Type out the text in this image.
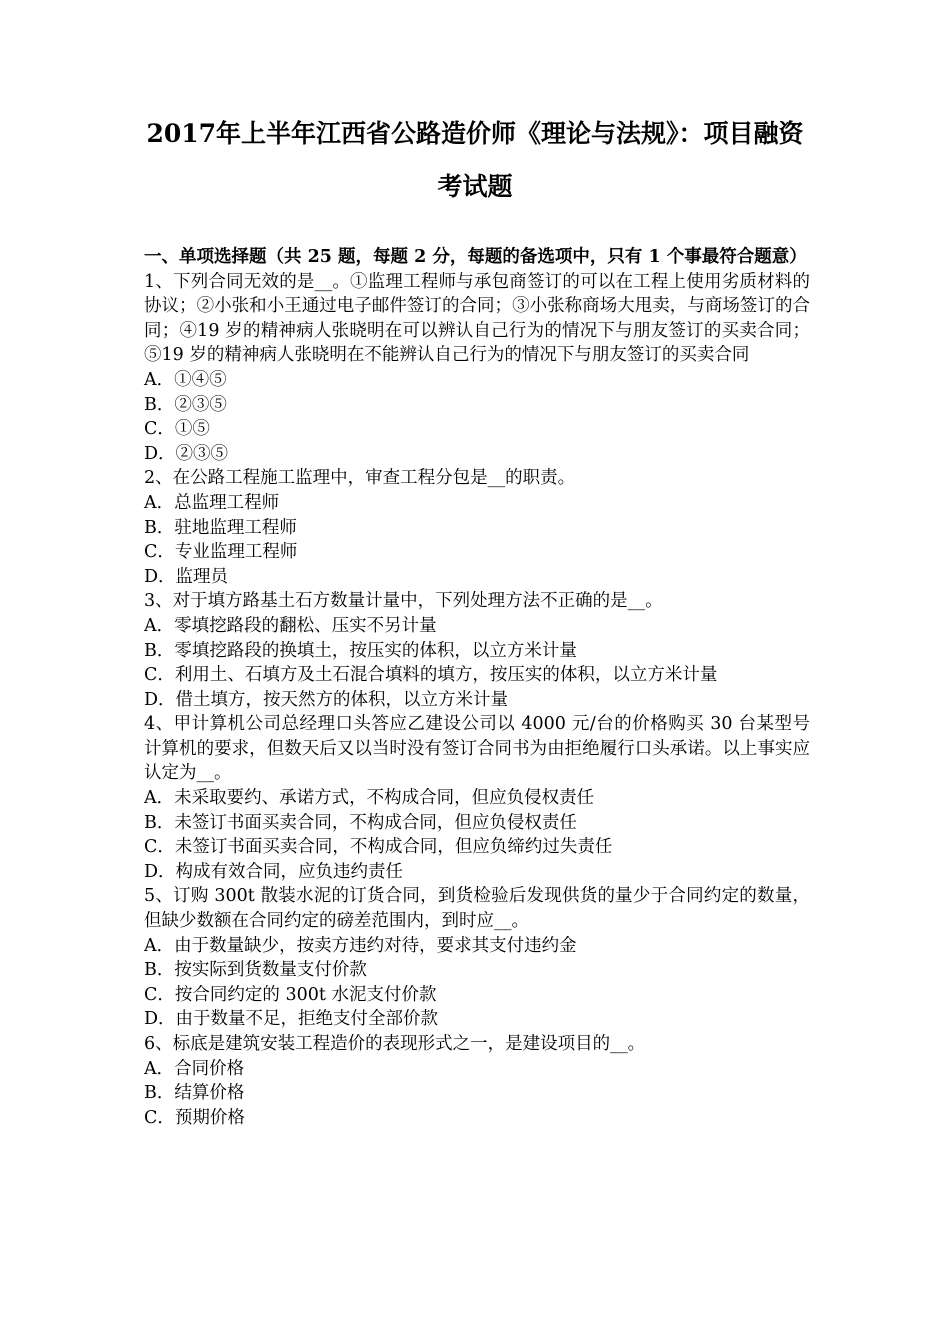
2017年上半年江西省公路造价师《理论与法规》：项目融资
考试题
一、单项选择题（共 25 题，每题 2 分，每题的备选项中，只有 1 个事最符合题意）
1、下列合同无效的是__。①监理工程师与承包商签订的可以在工程上使用劣质材料的协议；②小张和小王通过电子邮件签订的合同；③小张称商场大甩卖，与商场签订的合同；④19 岁的精神病人张晓明在可以辨认自己行为的情况下与朋友签订的买卖合同；⑤19 岁的精神病人张晓明在不能辨认自己行为的情况下与朋友签订的买卖合同
A．①④⑤
B．②③⑤
C．①⑤
D．②③⑤
2、在公路工程施工监理中，审查工程分包是__的职责。
A．总监理工程师
B．驻地监理工程师
C．专业监理工程师
D．监理员
3、对于填方路基土石方数量计量中，下列处理方法不正确的是__。
A．零填挖路段的翻松、压实不另计量
B．零填挖路段的换填土，按压实的体积，以立方米计量
C．利用土、石填方及土石混合填料的填方，按压实的体积，以立方米计量
D．借土填方，按天然方的体积，以立方米计量
4、甲计算机公司总经理口头答应乙建设公司以 4000 元/台的价格购买 30 台某型号计算机的要求，但数天后又以当时没有签订合同书为由拒绝履行口头承诺。以上事实应认定为__。
A．未采取要约、承诺方式，不构成合同，但应负侵权责任
B．未签订书面买卖合同，不构成合同，但应负侵权责任
C．未签订书面买卖合同，不构成合同，但应负缔约过失责任
D．构成有效合同，应负违约责任
5、订购 300t 散装水泥的订货合同，到货检验后发现供货的量少于合同约定的数量，但缺少数额在合同约定的磅差范围内，到时应__。
A．由于数量缺少，按卖方违约对待，要求其支付违约金
B．按实际到货数量支付价款
C．按合同约定的 300t 水泥支付价款
D．由于数量不足，拒绝支付全部价款
6、标底是建筑安装工程造价的表现形式之一，是建设项目的__。
A．合同价格
B．结算价格
C．预期价格
